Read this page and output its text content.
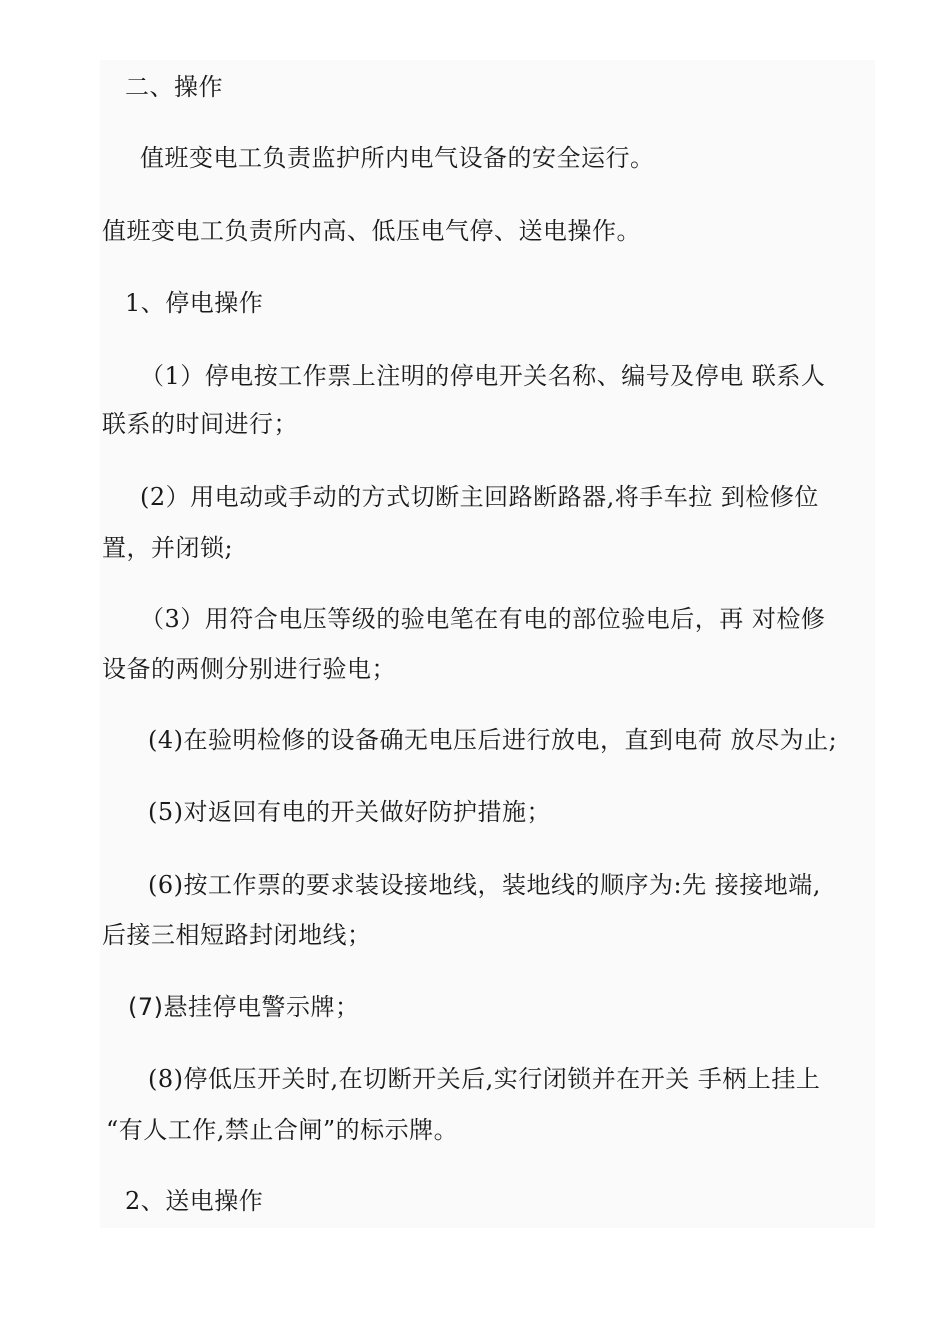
二、操作
值班变电工负责监护所内电气设备的安全运行。
值班变电工负责所内高、低压电气停、送电操作。
1、停电操作
（1）停电按工作票上注明的停电开关名称、编号及停电 联系人
联系的时间进行；
(2）用电动或手动的方式切断主回路断路器,将手车拉 到检修位
置，并闭锁;
（3）用符合电压等级的验电笔在有电的部位验电后，再 对检修
设备的两侧分别进行验电；
(4)在验明检修的设备确无电压后进行放电，直到电荷 放尽为止;
(5)对返回有电的开关做好防护措施；
(6)按工作票的要求装设接地线，装地线的顺序为:先 接接地端,
后接三相短路封闭地线；
(7)悬挂停电警示牌；
(8)停低压开关时,在切断开关后,实行闭锁并在开关 手柄上挂上
“有人工作,禁止合闸”的标示牌。
2、送电操作
